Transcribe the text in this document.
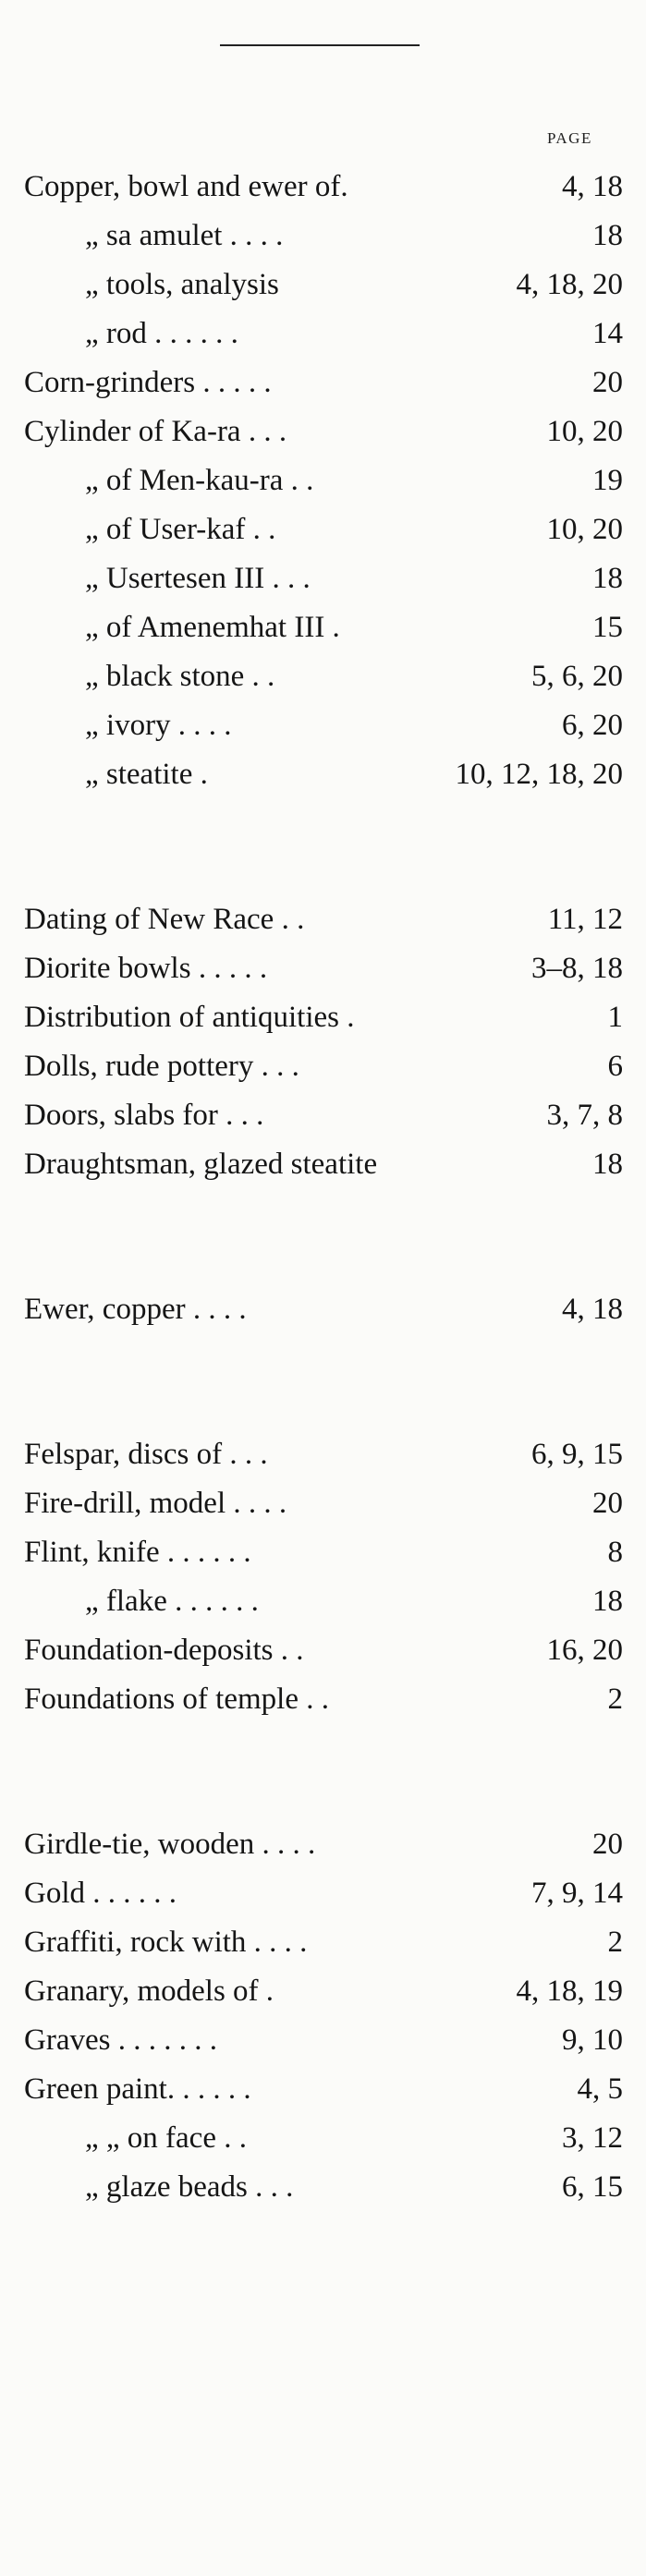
PAGE
Copper, bowl and ewer of.	4, 18
„ sa amulet . . . .	18
„ tools, analysis	4, 18, 20
„ rod . . . . . .	14
Corn-grinders . . . . .	20
Cylinder of Ka-ra . . .	10, 20
„ of Men-kau-ra . .	19
„ of User-kaf . .	10, 20
„ Usertesen III . . .	18
„ of Amenemhat III .	15
„ black stone . .	5, 6, 20
„ ivory . . . .	6, 20
„ steatite .	10, 12, 18, 20
Dating of New Race . .	11, 12
Diorite bowls . . . . .	3–8, 18
Distribution of antiquities .	1
Dolls, rude pottery . . .	6
Doors, slabs for . . .	3, 7, 8
Draughtsman, glazed steatite	18
Ewer, copper . . . .	4, 18
Felspar, discs of . . .	6, 9, 15
Fire-drill, model . . . .	20
Flint, knife . . . . . .	8
„ flake . . . . . .	18
Foundation-deposits . .	16, 20
Foundations of temple . .	2
Girdle-tie, wooden . . . .	20
Gold . . . . . .	7, 9, 14
Graffiti, rock with . . . .	2
Granary, models of .	4, 18, 19
Graves . . . . . . .	9, 10
Green paint. . . . . .	4, 5
„ „ on face . .	3, 12
„ glaze beads . . .	6, 15
